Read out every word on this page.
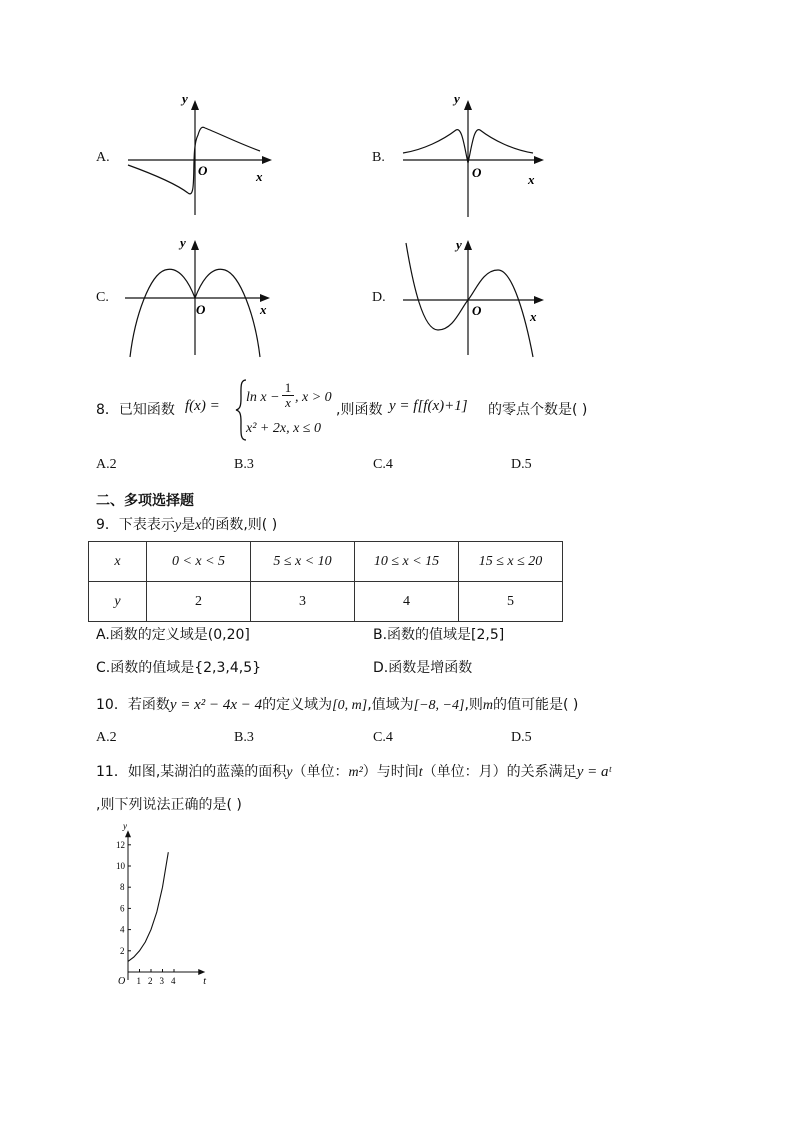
A.
y
O	x
B.
y
O	x
C.
y
O	x
D.
y
O	x
8．已知函数 f(x) =
$\ln x - \frac{1}{x}$ , x > 0
x² + 2x, x ≤ 0
,则函数 y = f[f(x)+1] 的零点个数是( )
A.2	B.3	C.4	D.5
二、多项选择题
9．下表表示y是x的函数,则( )
x	0 < x < 5	5 ≤ x < 10	10 ≤ x < 15	15 ≤ x ≤ 20
y	2	3	4	5
A.函数的定义域是(0,20]	B.函数的值域是[2,5]
C.函数的值域是{2,3,4,5}	D.函数是增函数
10．若函数y = x² − 4x − 4的定义域为[0, m],值域为[−8, −4],则m的值可能是( )
A.2	B.3	C.4	D.5
11．如图,某湖泊的蓝藻的面积y（单位：m²）与时间t（单位：月）的关系满足y = aᵗ
,则下列说法正确的是( )
1 2 3 4
2
4
6
8
10
12
O	t
y
